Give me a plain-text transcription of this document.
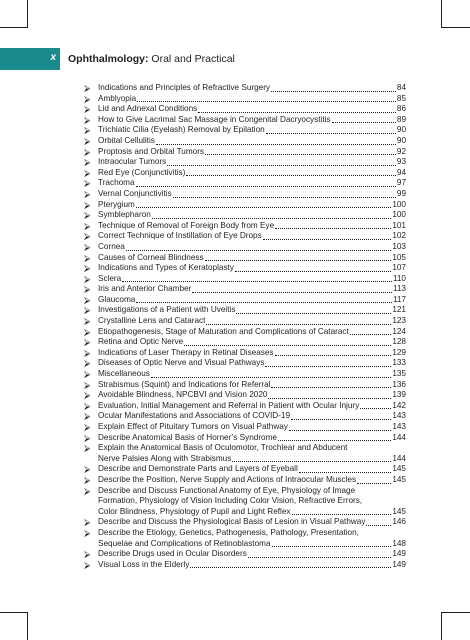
x Ophthalmology: Oral and Practical
⮚ Indications and Principles of Refractive Surgery	84
⮚ Amblyopia	85
⮚ Lid and Adnexal Conditions	86
⮚ How to Give Lacrimal Sac Massage in Congenital Dacryocystitis	89
⮚ Trichiatic Cilia (Eyelash) Removal by Epilation	90
⮚ Orbital Cellulitis	90
⮚ Proptosis and Orbital Tumors	92
⮚ Intraocular Tumors	93
⮚ Red Eye (Conjunctivitis)	94
⮚ Trachoma	97
⮚ Vernal Conjunctivitis	99
⮚ Pterygium	100
⮚ Symblepharon	100
⮚ Technique of Removal of Foreign Body from Eye	101
⮚ Correct Technique of Instillation of Eye Drops	102
⮚ Cornea	103
⮚ Causes of Corneal Blindness	105
⮚ Indications and Types of Keratoplasty	107
⮚ Sclera	110
⮚ Iris and Anterior Chamber	113
⮚ Glaucoma	117
⮚ Investigations of a Patient with Uveitis	121
⮚ Crystalline Lens and Cataract	123
⮚ Etiopathogenesis, Stage of Maturation and Complications of Cataract	124
⮚ Retina and Optic Nerve	128
⮚ Indications of Laser Therapy in Retinal Diseases	129
⮚ Diseases of Optic Nerve and Visual Pathways	133
⮚ Miscellaneous	135
⮚ Strabismus (Squint) and Indications for Referral	136
⮚ Avoidable Blindness, NPCBVI and Vision 2020	139
⮚ Evaluation, Initial Management and Referral in Patient with Ocular Injury	142
⮚ Ocular Manifestations and Associations of COVID-19	143
⮚ Explain Effect of Pituitary Tumors on Visual Pathway	143
⮚ Describe Anatomical Basis of Horner’s Syndrome	144
⮚ Explain the Anatomical Basis of Oculomotor, Trochlear and Abducent
Nerve Palsies Along with Strabismus	144
⮚ Describe and Demonstrate Parts and Layers of Eyeball	145
⮚ Describe the Position, Nerve Supply and Actions of Intraocular Muscles	145
⮚ Describe and Discuss Functional Anatomy of Eye, Physiology of Image
Formation, Physiology of Vision Including Color Vision, Refractive Errors,
Color Blindness, Physiology of Pupil and Light Reflex	145
⮚ Describe and Discuss the Physiological Basis of Lesion in Visual Pathway	146
⮚ Describe the Etiology, Genetics, Pathogenesis, Pathology, Presentation,
Sequelae and Complications of Retinoblastoma	148
⮚ Describe Drugs used in Ocular Disorders	149
⮚ Visual Loss in the Elderly	149
